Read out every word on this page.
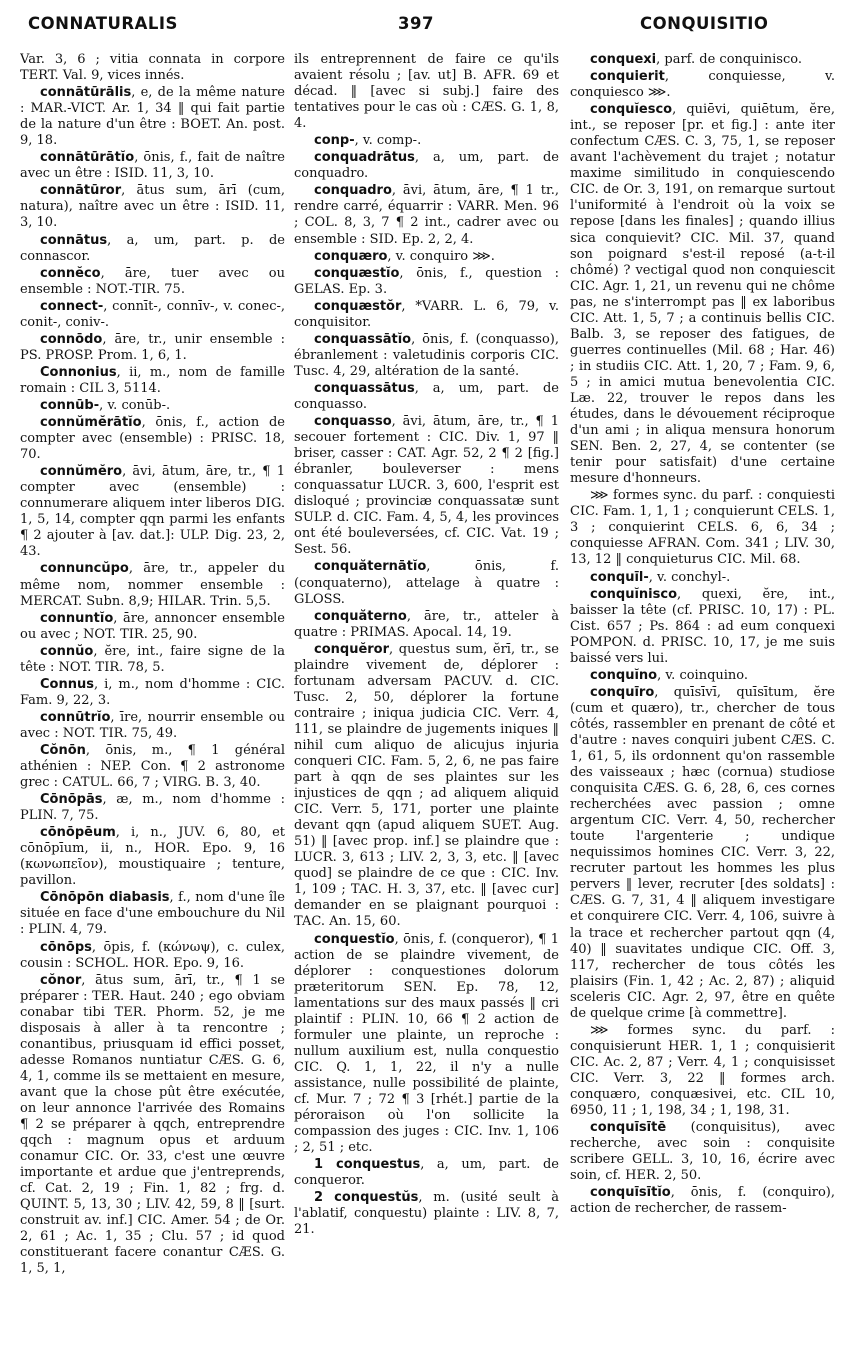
CONNATURALIS	397	CONQUISITIO

Var. 3, 6 ; vitia connata in corpore TERT. Val. 9, vices innés.

connātūrālis, e, de la même nature : MAR.-VICT. Ar. 1, 34 ‖ qui fait partie de la nature d'un être : BOET. An. post. 9, 18.

connātūrātĭo, ōnis, f., fait de naître avec un être : ISID. 11, 3, 10.

connātūror, ātus sum, ārī (cum, natura), naître avec un être : ISID. 11, 3, 10.

connātus, a, um, part. p. de connascor.

connĕco, āre, tuer avec ou ensemble : NOT.-TIR. 75.

connect-, connīt-, connīv-, v. conec-, conit-, coniv-.

connōdo, āre, tr., unir ensemble : PS. PROSP. Prom. 1, 6, 1.

Connonius, ii, m., nom de famille romain : CIL 3, 5114.

connūb-, v. conūb-.

connŭmĕrātĭo, ōnis, f., action de compter avec (ensemble) : PRISC. 18, 70.

connŭmĕro, āvi, ātum, āre, tr., ¶ 1 compter avec (ensemble) : connumerare aliquem inter liberos DIG. 1, 5, 14, compter qqn parmi les enfants ¶ 2 ajouter à [av. dat.]: ULP. Dig. 23, 2, 43.

connuncŭpo, āre, tr., appeler du même nom, nommer ensemble : MERCAT. Subn. 8,9; HILAR. Trin. 5,5.

connuntĭo, āre, annoncer ensemble ou avec ; NOT. TIR. 25, 90.

connŭo, ĕre, int., faire signe de la tête : NOT. TIR. 78, 5.

Connus, i, m., nom d'homme : CIC. Fam. 9, 22, 3.

connūtrĭo, īre, nourrir ensemble ou avec : NOT. TIR. 75, 49.

Cŏnōn, ōnis, m., ¶ 1 général athénien : NEP. Con. ¶ 2 astronome grec : CATUL. 66, 7 ; VIRG. B. 3, 40.

Cōnōpās, æ, m., nom d'homme : PLIN. 7, 75.

cōnōpēum, i, n., JUV. 6, 80, et cōnōpīum, ii, n., HOR. Epo. 9, 16 (κωνωπεῖον), moustiquaire ; tenture, pavillon.

Cōnōpōn diabasis, f., nom d'une île située en face d'une embouchure du Nil : PLIN. 4, 79.

cōnōps, ōpis, f. (κώνωψ), c. culex, cousin : SCHOL. HOR. Epo. 9, 16.

cŏnor, ātus sum, ārī, tr., ¶ 1 se préparer : TER. Haut. 240 ; ego obviam conabar tibi TER. Phorm. 52, je me disposais à aller à ta rencontre ; conantibus, priusquam id effici posset, adesse Romanos nuntiatur CÆS. G. 6, 4, 1, comme ils se mettaient en mesure, avant que la chose pût être exécutée, on leur annonce l'arrivée des Romains ¶ 2 se préparer à qqch, entreprendre qqch : magnum opus et arduum conamur CIC. Or. 33, c'est une œuvre importante et ardue que j'entreprends, cf. Cat. 2, 19 ; Fin. 1, 82 ; frg. d. QUINT. 5, 13, 30 ; LIV. 42, 59, 8 ‖ [surt. construit av. inf.] CIC. Amer. 54 ; de Or. 2, 61 ; Ac. 1, 35 ; Clu. 57 ; id quod constituerant facere conantur CÆS. G. 1, 5, 1,

ils entreprennent de faire ce qu'ils avaient résolu ; [av. ut] B. AFR. 69 et décad. ‖ [avec si subj.] faire des tentatives pour le cas où : CÆS. G. 1, 8, 4.

conp-, v. comp-.

conquadrātus, a, um, part. de conquadro.

conquadro, āvi, ātum, āre, ¶ 1 tr., rendre carré, équarrir : VARR. Men. 96 ; COL. 8, 3, 7 ¶ 2 int., cadrer avec ou ensemble : SID. Ep. 2, 2, 4.

conquæro, v. conquiro ⋙.

conquæstĭo, ōnis, f., question : GELAS. Ep. 3.

conquæstŏr, *VARR. L. 6, 79, v. conquisitor.

conquassātĭo, ōnis, f. (conquasso), ébranlement : valetudinis corporis CIC. Tusc. 4, 29, altération de la santé.

conquassātus, a, um, part. de conquasso.

conquasso, āvi, ātum, āre, tr., ¶ 1 secouer fortement : CIC. Div. 1, 97 ‖ briser, casser : CAT. Agr. 52, 2 ¶ 2 [fig.] ébranler, bouleverser : mens conquassatur LUCR. 3, 600, l'esprit est disloqué ; provinciæ conquassatæ sunt SULP. d. CIC. Fam. 4, 5, 4, les provinces ont été bouleversées, cf. CIC. Vat. 19 ; Sest. 56.

conquăternātĭo, ōnis, f. (conquaterno), attelage à quatre : GLOSS.

conquăterno, āre, tr., atteler à quatre : PRIMAS. Apocal. 14, 19.

conquĕror, questus sum, ĕrī, tr., se plaindre vivement de, déplorer : fortunam adversam PACUV. d. CIC. Tusc. 2, 50, déplorer la fortune contraire ; iniqua judicia CIC. Verr. 4, 111, se plaindre de jugements iniques ‖ nihil cum aliquo de alicujus injuria conqueri CIC. Fam. 5, 2, 6, ne pas faire part à qqn de ses plaintes sur les injustices de qqn ; ad aliquem aliquid CIC. Verr. 5, 171, porter une plainte devant qqn (apud aliquem SUET. Aug. 51) ‖ [avec prop. inf.] se plaindre que : LUCR. 3, 613 ; LIV. 2, 3, 3, etc. ‖ [avec quod] se plaindre de ce que : CIC. Inv. 1, 109 ; TAC. H. 3, 37, etc. ‖ [avec cur] demander en se plaignant pourquoi : TAC. An. 15, 60.

conquestĭo, ōnis, f. (conqueror), ¶ 1 action de se plaindre vivement, de déplorer : conquestiones dolorum præteritorum SEN. Ep. 78, 12, lamentations sur des maux passés ‖ cri plaintif : PLIN. 10, 66 ¶ 2 action de formuler une plainte, un reproche : nullum auxilium est, nulla conquestio CIC. Q. 1, 1, 22, il n'y a nulle assistance, nulle possibilité de plainte, cf. Mur. 7 ; 72 ¶ 3 [rhét.] partie de la péroraison où l'on sollicite la compassion des juges : CIC. Inv. 1, 106 ; 2, 51 ; etc.

1 conquestus, a, um, part. de conqueror.

2 conquestŭs, m. (usité seult à l'ablatif, conquestu) plainte : LIV. 8, 7, 21.

conquexi, parf. de conquinisco.

conquierit, conquiesse, v. conquiesco ⋙.

conquĭesco, quiēvi, quiētum, ĕre, int., se reposer [pr. et fig.] : ante iter confectum CÆS. C. 3, 75, 1, se reposer avant l'achèvement du trajet ; notatur maxime similitudo in conquiescendo CIC. de Or. 3, 191, on remarque surtout l'uniformité à l'endroit où la voix se repose [dans les finales] ; quando illius sica conquievit? CIC. Mil. 37, quand son poignard s'est-il reposé (a-t-il chômé) ? vectigal quod non conquiescit CIC. Agr. 1, 21, un revenu qui ne chôme pas, ne s'interrompt pas ‖ ex laboribus CIC. Att. 1, 5, 7 ; a continuis bellis CIC. Balb. 3, se reposer des fatigues, de guerres continuelles (Mil. 68 ; Har. 46) ; in studiis CIC. Att. 1, 20, 7 ; Fam. 9, 6, 5 ; in amici mutua benevolentia CIC. Læ. 22, trouver le repos dans les études, dans le dévouement réciproque d'un ami ; in aliqua mensura honorum SEN. Ben. 2, 27, 4, se contenter (se tenir pour satisfait) d'une certaine mesure d'honneurs.

⋙ formes sync. du parf. : conquiesti CIC. Fam. 1, 1, 1 ; conquierunt CELS. 1, 3 ; conquierint CELS. 6, 6, 34 ; conquiesse AFRAN. Com. 341 ; LIV. 30, 13, 12 ‖ conquieturus CIC. Mil. 68.

conquīl-, v. conchyl-.

conquĭnisco, quexi, ĕre, int., baisser la tête (cf. PRISC. 10, 17) : PL. Cist. 657 ; Ps. 864 : ad eum conquexi POMPON. d. PRISC. 10, 17, je me suis baissé vers lui.

conquĭno, v. coinquino.

conquīro, quīsīvī, quīsītum, ĕre (cum et quæro), tr., chercher de tous côtés, rassembler en prenant de côté et d'autre : naves conquiri jubent CÆS. C. 1, 61, 5, ils ordonnent qu'on rassemble des vaisseaux ; hæc (cornua) studiose conquisita CÆS. G. 6, 28, 6, ces cornes recherchées avec passion ; omne argentum CIC. Verr. 4, 50, rechercher toute l'argenterie ; undique nequissimos homines CIC. Verr. 3, 22, recruter partout les hommes les plus pervers ‖ lever, recruter [des soldats] : CÆS. G. 7, 31, 4 ‖ aliquem investigare et conquirere CIC. Verr. 4, 106, suivre à la trace et rechercher partout qqn (4, 40) ‖ suavitates undique CIC. Off. 3, 117, rechercher de tous côtés les plaisirs (Fin. 1, 42 ; Ac. 2, 87) ; aliquid sceleris CIC. Agr. 2, 97, être en quête de quelque crime [à commettre].

⋙ formes sync. du parf. : conquisierunt HER. 1, 1 ; conquisierit CIC. Ac. 2, 87 ; Verr. 4, 1 ; conquisisset CIC. Verr. 3, 22 ‖ formes arch. conquæro, conquæsivei, etc. CIL 10, 6950, 11 ; 1, 198, 34 ; 1, 198, 31.

conquīsītē (conquisitus), avec recherche, avec soin : conquisite scribere GELL. 3, 10, 16, écrire avec soin, cf. HER. 2, 50.

conquīsītĭo, ōnis, f. (conquiro), action de rechercher, de rassem-
